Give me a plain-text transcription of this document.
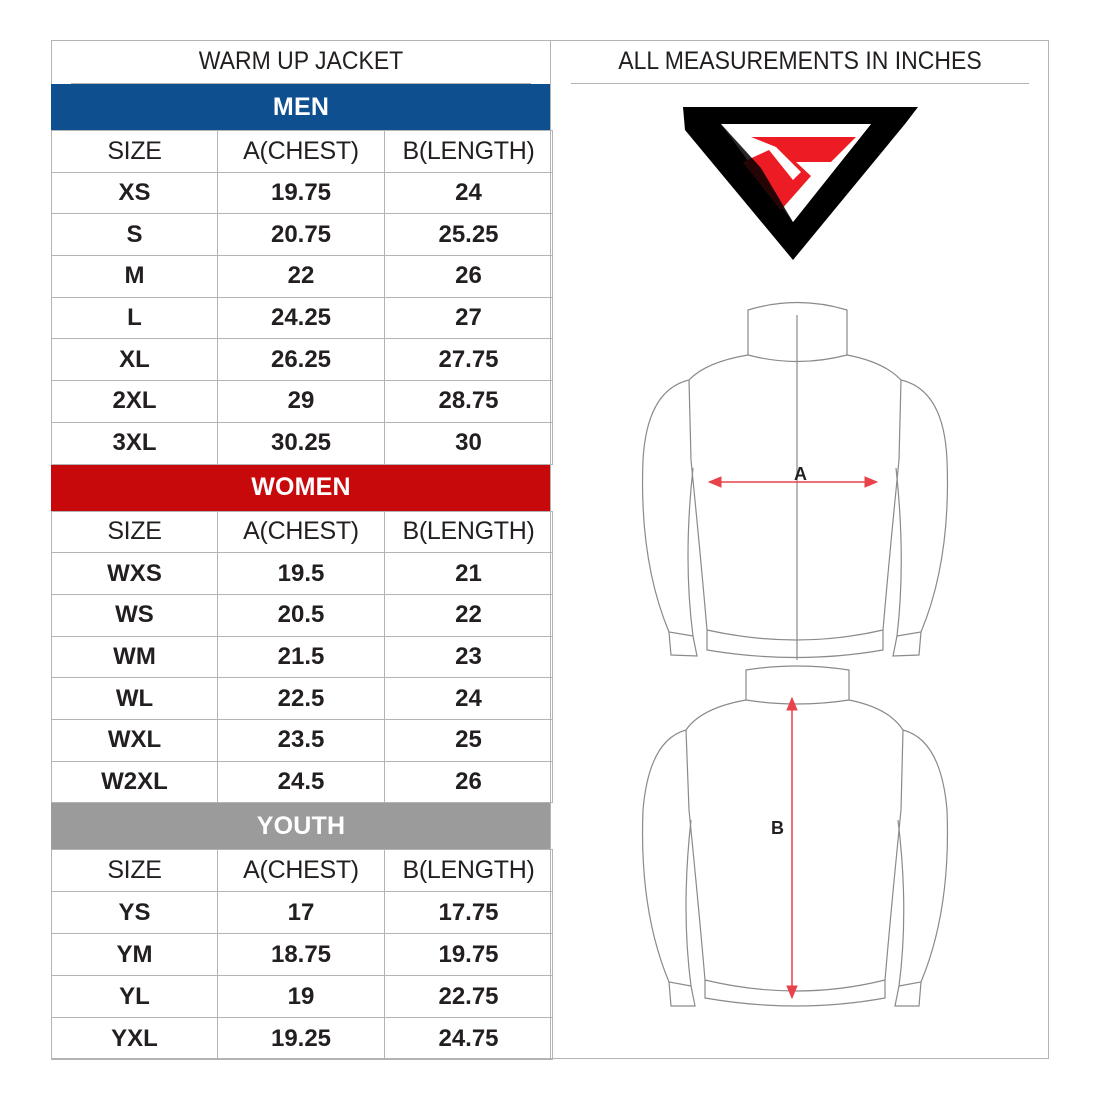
WARM UP JACKET
MEN
SIZE	A(CHEST)	B(LENGTH)
XS	19.75	24
S	20.75	25.25
M	22	26
L	24.25	27
XL	26.25	27.75
2XL	29	28.75
3XL	30.25	30
WOMEN
SIZE	A(CHEST)	B(LENGTH)
WXS	19.5	21
WS	20.5	22
WM	21.5	23
WL	22.5	24
WXL	23.5	25
W2XL	24.5	26
YOUTH
SIZE	A(CHEST)	B(LENGTH)
YS	17	17.75
YM	18.75	19.75
YL	19	22.75
YXL	19.25	24.75
ALL MEASUREMENTS IN INCHES
A
B
